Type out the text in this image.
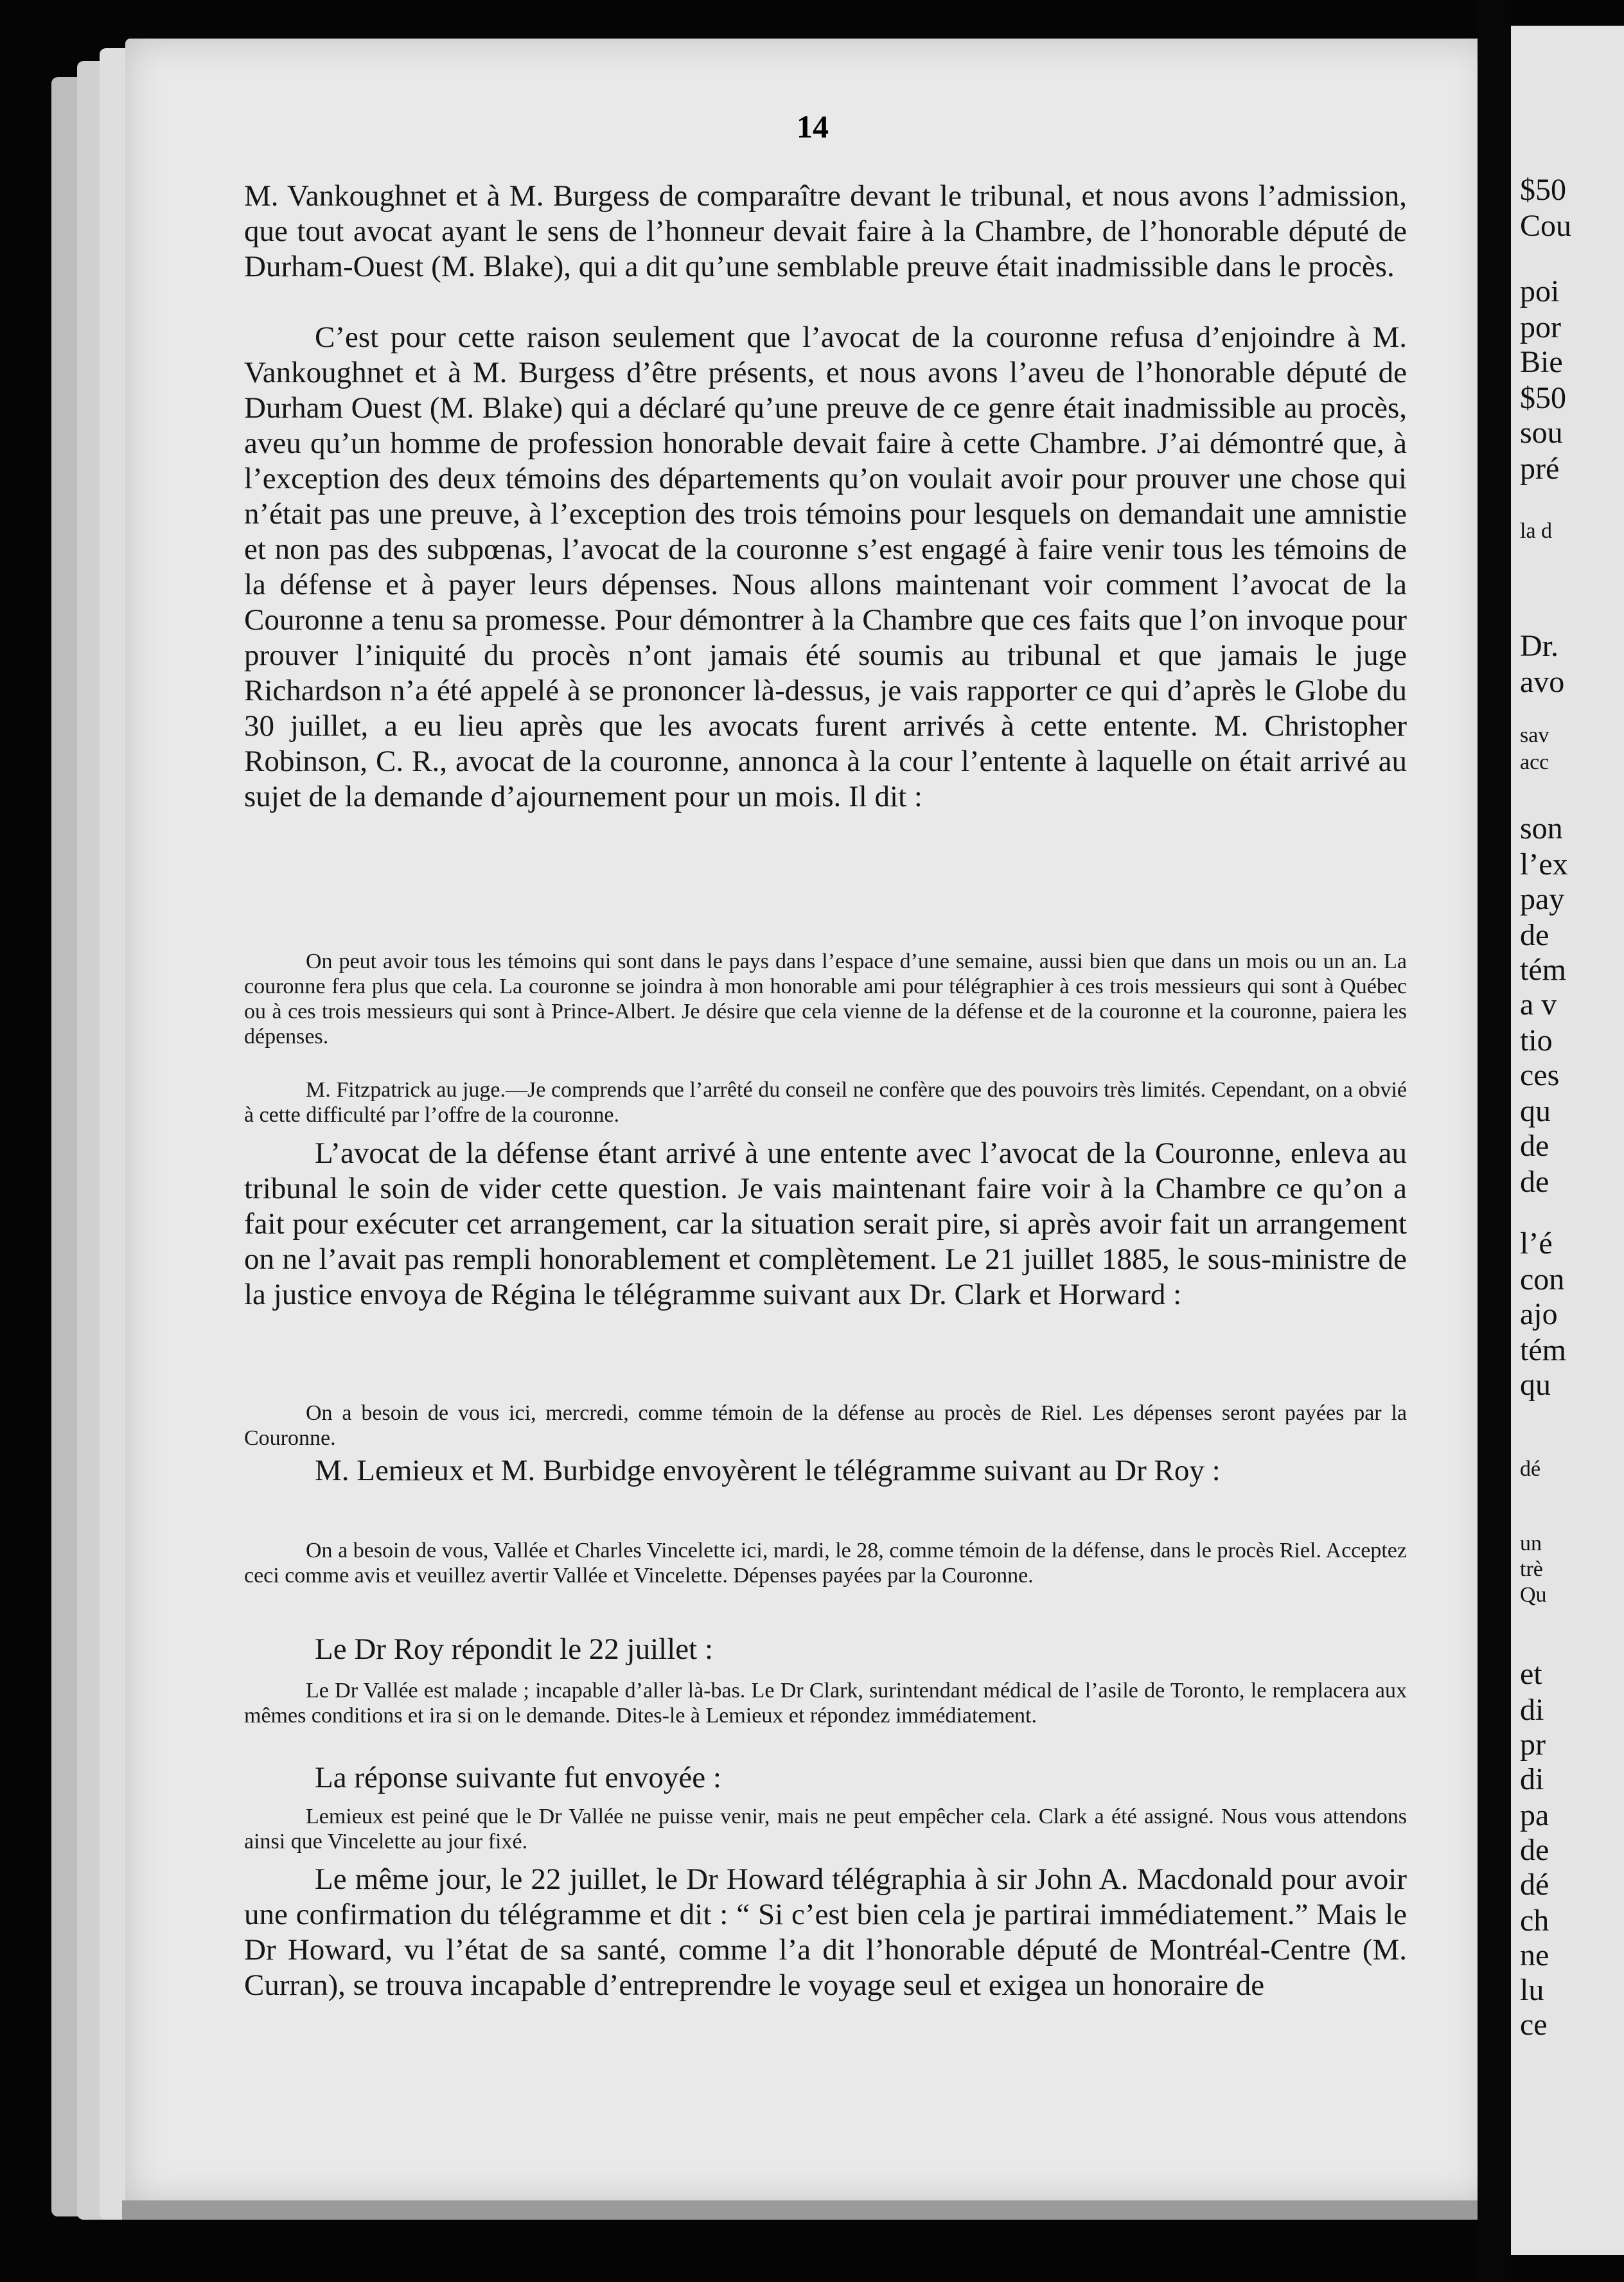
$50
Cou
poi
por
Bie
$50
sou
pré
la d
Dr.
avo
sav
acc
son
l’ex
pay
de
tém
a v
tio
ces
qu
de
de
l’é
con
ajo
tém
qu
dé
un
trè
Qu
et
di
pr
di
pa
de
dé
ch
ne
lu
ce
14

M. Vankoughnet et à M. Burgess de comparaître devant le tribunal, et nous avons l’admission, que tout avocat ayant le sens de l’honneur devait faire à la Chambre, de l’honorable député de Durham-Ouest (M. Blake), qui a dit qu’une semblable preuve était inadmissible dans le procès.

C’est pour cette raison seulement que l’avocat de la couronne refusa d’enjoindre à M. Vankoughnet et à M. Burgess d’être présents, et nous avons l’aveu de l’honorable député de Durham Ouest (M. Blake) qui a déclaré qu’une preuve de ce genre était inadmissible au procès, aveu qu’un homme de profession honorable devait faire à cette Chambre. J’ai démontré que, à l’exception des deux témoins des départements qu’on voulait avoir pour prouver une chose qui n’était pas une preuve, à l’exception des trois témoins pour lesquels on demandait une amnistie et non pas des subpœnas, l’avocat de la couronne s’est engagé à faire venir tous les témoins de la défense et à payer leurs dépenses. Nous allons maintenant voir comment l’avocat de la Couronne a tenu sa promesse. Pour démontrer à la Chambre que ces faits que l’on invoque pour prouver l’iniquité du procès n’ont jamais été soumis au tribunal et que jamais le juge Richardson n’a été appelé à se prononcer là-dessus, je vais rapporter ce qui d’après le Globe du 30 juillet, a eu lieu après que les avocats furent arrivés à cette entente. M. Christopher Robinson, C. R., avocat de la couronne, annonca à la cour l’entente à laquelle on était arrivé au sujet de la demande d’ajournement pour un mois. Il dit :

On peut avoir tous les témoins qui sont dans le pays dans l’espace d’une semaine, aussi bien que dans un mois ou un an. La couronne fera plus que cela. La couronne se joindra à mon honorable ami pour télégraphier à ces trois messieurs qui sont à Québec ou à ces trois messieurs qui sont à Prince-Albert. Je désire que cela vienne de la défense et de la couronne et la couronne, paiera les dépenses.

M. Fitzpatrick au juge.—Je comprends que l’arrêté du conseil ne confère que des pouvoirs très limités. Cependant, on a obvié à cette difficulté par l’offre de la couronne.

L’avocat de la défense étant arrivé à une entente avec l’avocat de la Couronne, enleva au tribunal le soin de vider cette question. Je vais maintenant faire voir à la Chambre ce qu’on a fait pour exécuter cet arrangement, car la situation serait pire, si après avoir fait un arrangement on ne l’avait pas rempli honorablement et complètement. Le 21 juillet 1885, le sous-ministre de la justice envoya de Régina le télégramme suivant aux Dr. Clark et Horward :

On a besoin de vous ici, mercredi, comme témoin de la défense au procès de Riel. Les dépenses seront payées par la Couronne.

M. Lemieux et M. Burbidge envoyèrent le télégramme suivant au Dr Roy :

On a besoin de vous, Vallée et Charles Vincelette ici, mardi, le 28, comme témoin de la défense, dans le procès Riel. Acceptez ceci comme avis et veuillez avertir Vallée et Vincelette. Dépenses payées par la Couronne.

Le Dr Roy répondit le 22 juillet :

Le Dr Vallée est malade ; incapable d’aller là-bas. Le Dr Clark, surintendant médical de l’asile de Toronto, le remplacera aux mêmes conditions et ira si on le demande. Dites-le à Lemieux et répondez immédiatement.

La réponse suivante fut envoyée :

Lemieux est peiné que le Dr Vallée ne puisse venir, mais ne peut empêcher cela. Clark a été assigné. Nous vous attendons ainsi que Vincelette au jour fixé.

Le même jour, le 22 juillet, le Dr Howard télégraphia à sir John A. Macdonald pour avoir une confirmation du télégramme et dit : “ Si c’est bien cela je partirai immédiatement.” Mais le Dr Howard, vu l’état de sa santé, comme l’a dit l’honorable député de Montréal-Centre (M. Curran), se trouva incapable d’entreprendre le voyage seul et exigea un honoraire de
